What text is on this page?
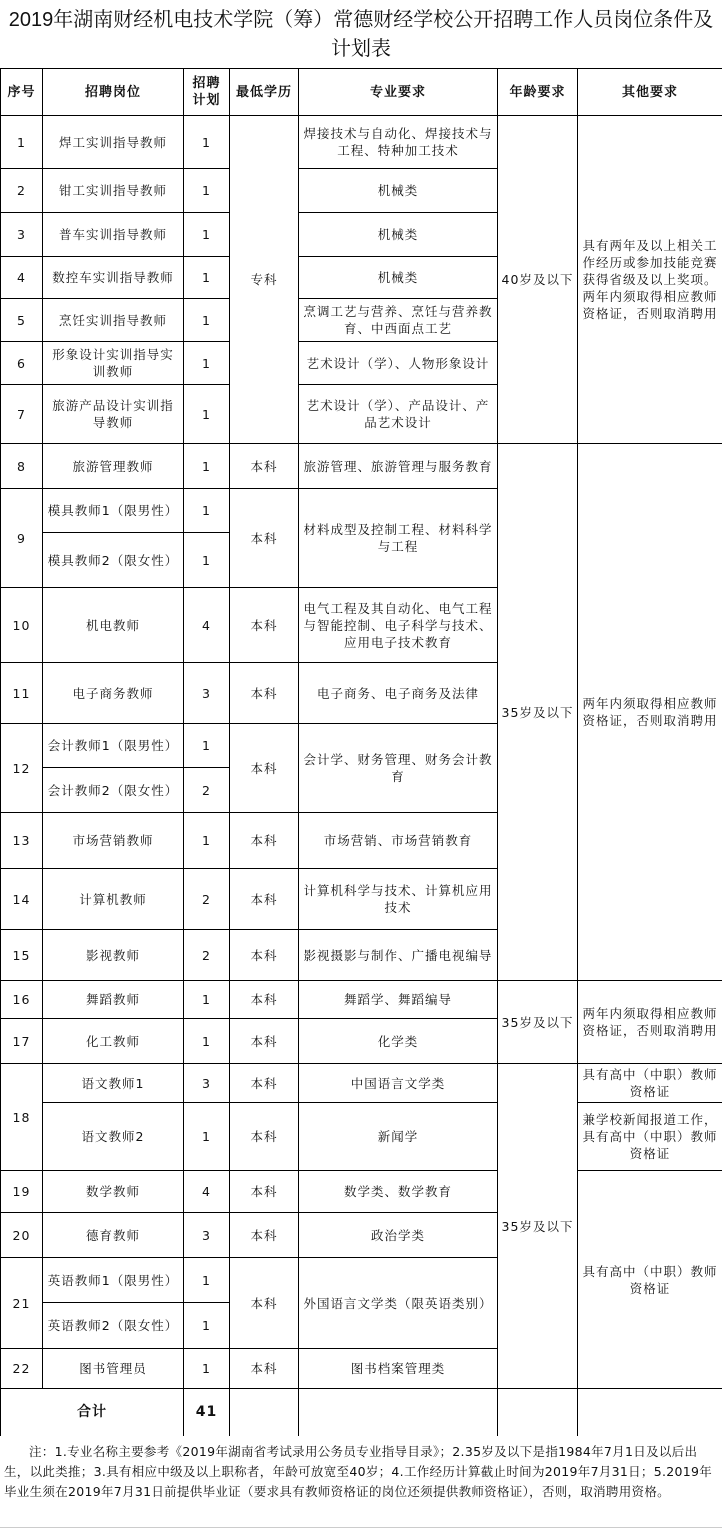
2019年湖南财经机电技术学院（筹）常德财经学校公开招聘工作人员岗位条件及计划表
序号	招聘岗位	招聘计划	最低学历	专业要求	年龄要求	其他要求
1	焊工实训指导教师	1	专科	焊接技术与自动化、焊接技术与工程、特种加工技术	40岁及以下	具有两年及以上相关工作经历或参加技能竞赛获得省级及以上奖项。两年内须取得相应教师资格证，否则取消聘用
2	钳工实训指导教师	1		机械类		
3	普车实训指导教师	1		机械类		
4	数控车实训指导教师	1		机械类		
5	烹饪实训指导教师	1		烹调工艺与营养、烹饪与营养教育、中西面点工艺		
6	形象设计实训指导实训教师	1		艺术设计（学）、人物形象设计		
7	旅游产品设计实训指导教师	1		艺术设计（学）、产品设计、产品艺术设计		
8	旅游管理教师	1	本科	旅游管理、旅游管理与服务教育	35岁及以下	两年内须取得相应教师资格证，否则取消聘用
9	模具教师1（限男性）	1	本科	材料成型及控制工程、材料科学与工程		
	模具教师2（限女性）	1				
10	机电教师	4	本科	电气工程及其自动化、电气工程与智能控制、电子科学与技术、应用电子技术教育		
11	电子商务教师	3	本科	电子商务、电子商务及法律		
12	会计教师1（限男性）	1	本科	会计学、财务管理、财务会计教育		
	会计教师2（限女性）	2				
13	市场营销教师	1	本科	市场营销、市场营销教育		
14	计算机教师	2	本科	计算机科学与技术、计算机应用技术		
15	影视教师	2	本科	影视摄影与制作、广播电视编导		
16	舞蹈教师	1	本科	舞蹈学、舞蹈编导	35岁及以下	两年内须取得相应教师资格证，否则取消聘用
17	化工教师	1	本科	化学类		
18	语文教师1	3	本科	中国语言文学类	35岁及以下	具有高中（中职）教师资格证
	语文教师2	1	本科	新闻学		兼学校新闻报道工作，具有高中（中职）教师资格证
19	数学教师	4	本科	数学类、数学教育		具有高中（中职）教师资格证
20	德育教师	3	本科	政治学类		
21	英语教师1（限男性）	1	本科	外国语言文学类（限英语类别）		
	英语教师2（限女性）	1				
22	图书管理员	1	本科	图书档案管理类		
合计		41				
注：1.专业名称主要参考《2019年湖南省考试录用公务员专业指导目录》；2.35岁及以下是指1984年7月1日及以后出生，以此类推；3.具有相应中级及以上职称者，年龄可放宽至40岁；4.工作经历计算截止时间为2019年7月31日；5.2019年毕业生须在2019年7月31日前提供毕业证（要求具有教师资格证的岗位还须提供教师资格证），否则，取消聘用资格。
